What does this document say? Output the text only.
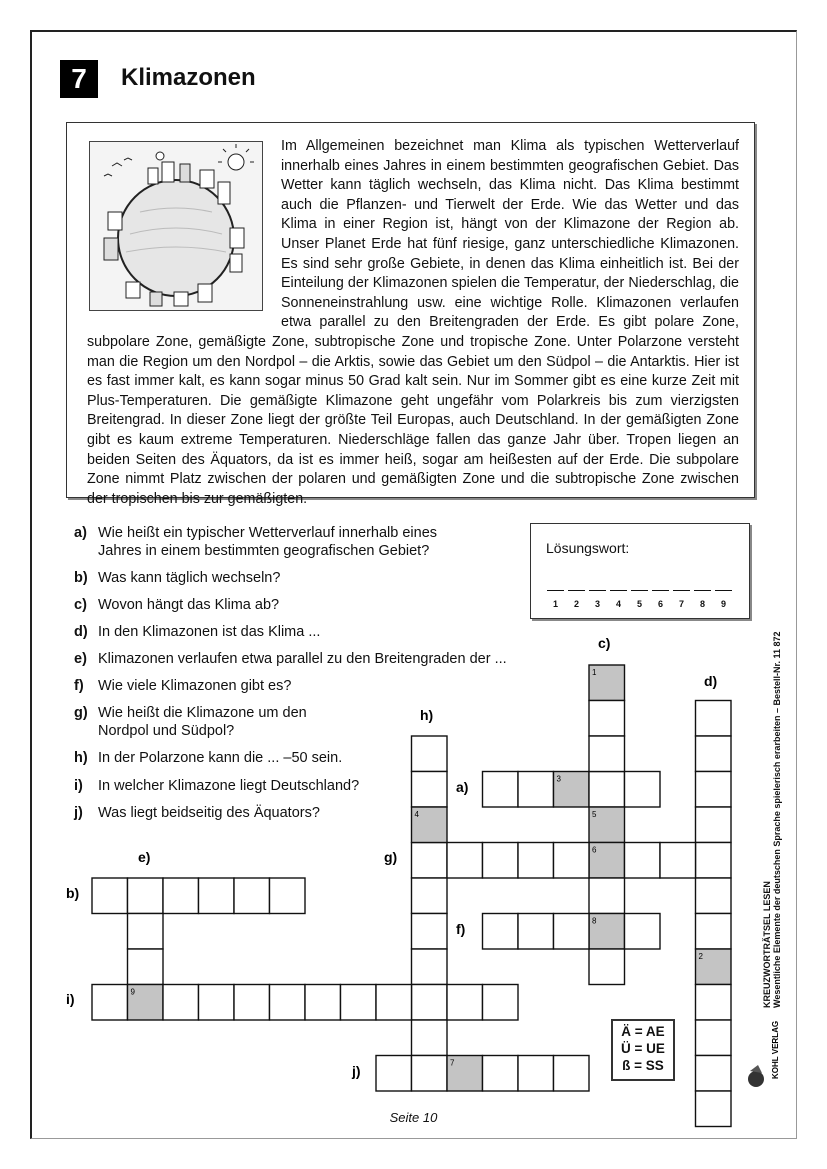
7	Klimazonen
Im Allgemeinen bezeichnet man Klima als typischen Wetterverlauf innerhalb eines Jahres in einem bestimmten geografischen Gebiet. Das Wetter kann täglich wechseln, das Klima nicht. Das Klima bestimmt auch die Pflanzen- und Tierwelt der Erde. Wie das Wetter und das Klima in einer Region ist, hängt von der Klimazone der Region ab. Unser Planet Erde hat fünf riesige, ganz unterschiedliche Klimazonen. Es sind sehr große Gebiete, in denen das Klima einheitlich ist. Bei der Einteilung der Klimazonen spielen die Temperatur, der Niederschlag, die Sonneneinstrahlung usw. eine wichtige Rolle. Klimazonen verlaufen etwa parallel zu den Breitengraden der Erde. Es gibt polare Zone, subpolare Zone, gemäßigte Zone, subtropische Zone und tropische Zone. Unter Polarzone versteht man die Region um den Nordpol – die Arktis, sowie das Gebiet um den Südpol – die Antarktis. Hier ist es fast immer kalt, es kann sogar minus 50 Grad kalt sein. Nur im Sommer gibt es eine kurze Zeit mit Plus-Temperaturen. Die gemäßigte Klimazone geht ungefähr vom Polarkreis bis zum vierzigsten Breitengrad. In dieser Zone liegt der größte Teil Europas, auch Deutschland. In der gemäßigten Zone gibt es kaum extreme Temperaturen. Niederschläge fallen das ganze Jahr über. Tropen liegen an beiden Seiten des Äquators, da ist es immer heiß, sogar am heißesten auf der Erde. Die subpolare Zone nimmt Platz zwischen der polaren und gemäßigten Zone und die subtropische Zone zwischen der tropischen bis zur gemäßigten.
a) Wie heißt ein typischer Wetterverlauf innerhalb eines
Jahres in einem bestimmten geografischen Gebiet?
b) Was kann täglich wechseln?
c) Wovon hängt das Klima ab?
d) In den Klimazonen ist das Klima ...
e) Klimazonen verlaufen etwa parallel zu den Breitengraden der ...
f) Wie viele Klimazonen gibt es?
g) Wie heißt die Klimazone um den
Nordpol und Südpol?
h) In der Polarzone kann die ... –50 sein.
i) In welcher Klimazone liegt Deutschland?
j) Was liegt beidseitig des Äquators?
Lösungswort:
1	2	3	4	5	6	7	8	9
1
2
3
4	5
6
7
8
9
a)
b)
c)
d)
e)
f)
g)
h)
i)
j)
Ä = AE
Ü = UE
ß = SS
KREUZWORTRÄTSEL LESEN Wesentliche Elemente der deutschen Sprache spielerisch erarbeiten – Bestell-Nr. 11 872
KOHL VERLAG
Seite 10
